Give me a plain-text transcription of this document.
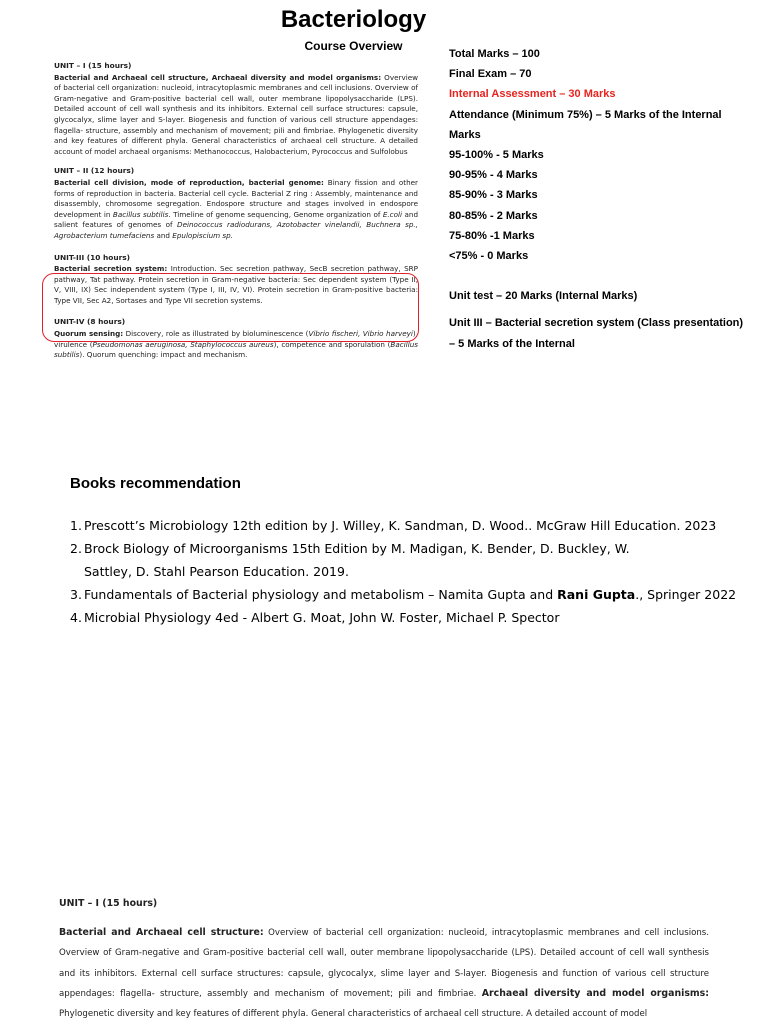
Bacteriology
Course Overview
UNIT – I (15 hours)
Bacterial and Archaeal cell structure, Archaeal diversity and model organisms: Overview of bacterial cell organization: nucleoid, intracytoplasmic membranes and cell inclusions. Overview of Gram-negative and Gram-positive bacterial cell wall, outer membrane lipopolysaccharide (LPS). Detailed account of cell wall synthesis and its inhibitors. External cell surface structures: capsule, glycocalyx, slime layer and S-layer. Biogenesis and function of various cell structure appendages: flagella- structure, assembly and mechanism of movement; pili and fimbriae. Phylogenetic diversity and key features of different phyla. General characteristics of archaeal cell structure. A detailed account of model archaeal organisms: Methanococcus, Halobacterium, Pyrococcus and Sulfolobus
UNIT – II (12 hours)
Bacterial cell division, mode of reproduction, bacterial genome: Binary fission and other forms of reproduction in bacteria. Bacterial cell cycle. Bacterial Z ring : Assembly, maintenance and disassembly, chromosome segregation. Endospore structure and stages involved in endospore development in Bacillus subtilis. Timeline of genome sequencing, Genome organization of E.coli and salient features of genomes of Deinococcus radiodurans, Azotobacter vinelandii, Buchnera sp., Agrobacterium tumefaciens and Epulopiscium sp.
UNIT-III (10 hours)
Bacterial secretion system: Introduction. Sec secretion pathway, SecB secretion pathway, SRP pathway, Tat pathway. Protein secretion in Gram-negative bacteria: Sec dependent system (Type II, V, VIII, IX) Sec independent system (Type I, III, IV, VI). Protein secretion in Gram-positive bacteria: Type VII, Sec A2, Sortases and Type VII secretion systems.
UNIT-IV (8 hours)
Quorum sensing: Discovery, role as illustrated by bioluminescence (Vibrio fischeri, Vibrio harveyi), virulence (Pseudomonas aeruginosa, Staphylococcus aureus), competence and sporulation (Bacillus subtilis). Quorum quenching: impact and mechanism.
Total Marks – 100
Final Exam – 70
Internal Assessment – 30 Marks
Attendance (Minimum 75%) – 5 Marks of the Internal Marks
95-100% - 5 Marks
90-95% - 4 Marks
85-90% - 3 Marks
80-85% - 2 Marks
75-80% -1 Marks
<75% - 0 Marks
Unit test – 20 Marks (Internal Marks)
Unit III – Bacterial secretion system (Class presentation) – 5 Marks of the Internal
Books recommendation
1. Prescott’s Microbiology 12th edition by J. Willey, K. Sandman, D. Wood.. McGraw Hill Education. 2023
2. Brock Biology of Microorganisms 15th Edition by M. Madigan, K. Bender, D. Buckley, W. Sattley, D. Stahl Pearson Education. 2019.
3. Fundamentals of Bacterial physiology and metabolism – Namita Gupta and Rani Gupta., Springer 2022
4. Microbial Physiology 4ed - Albert G. Moat, John W. Foster, Michael P. Spector
UNIT – I (15 hours)
Bacterial and Archaeal cell structure: Overview of bacterial cell organization: nucleoid, intracytoplasmic membranes and cell inclusions. Overview of Gram-negative and Gram-positive bacterial cell wall, outer membrane lipopolysaccharide (LPS). Detailed account of cell wall synthesis and its inhibitors. External cell surface structures: capsule, glycocalyx, slime layer and S-layer. Biogenesis and function of various cell structure appendages: flagella- structure, assembly and mechanism of movement; pili and fimbriae. Archaeal diversity and model organisms: Phylogenetic diversity and key features of different phyla. General characteristics of archaeal cell structure. A detailed account of model
